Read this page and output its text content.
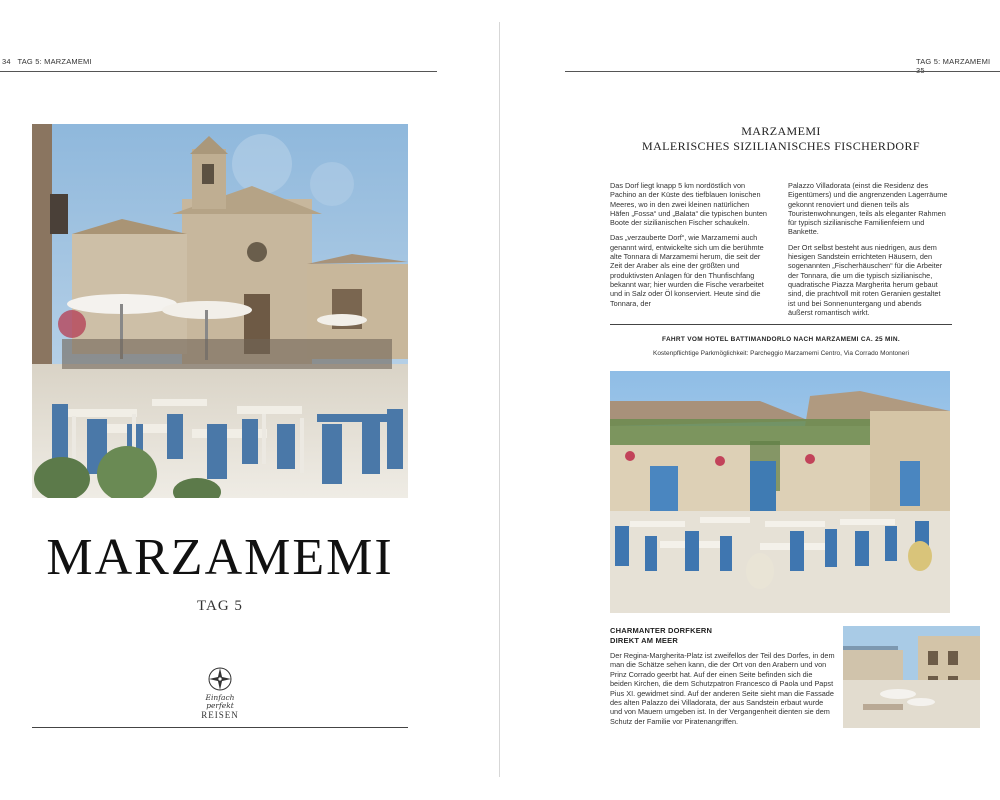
34 TAG 5: MARZAMEMI
MARZAMEMI
TAG 5
Einfach
perfekt
REISEN
TAG 5: MARZAMEMI
MARZAMEMI
MALERISCHES SIZILIANISCHES FISCHERDORF

Das Dorf liegt knapp 5 km nordöstlich von Pachino an der Küste des tiefblauen Ionischen Meeres, wo in den zwei kleinen natürlichen Häfen „Fossa“ und „Balata“ die typischen bunten Boote der sizilianischen Fischer schaukeln.

Das „verzauberte Dorf“, wie Marzamemi auch genannt wird, entwickelte sich um die berühmte alte Tonnara di Marzamemi herum, die seit der Zeit der Araber als eine der größten und produktivsten Anlagen für den Thunfischfang bekannt war; hier wurden die Fische verarbeitet und in Salz oder Öl konserviert. Heute sind die Tonnara, der

Palazzo Villadorata (einst die Residenz des Eigentümers) und die angrenzenden Lagerräume gekonnt renoviert und dienen teils als Touristenwohnungen, teils als eleganter Rahmen für typisch sizilianische Familienfeiern und Bankette.

Der Ort selbst besteht aus niedrigen, aus dem hiesigen Sandstein errichteten Häusern, den sogenannten „Fischerhäuschen“ für die Arbeiter der Tonnara, die um die typisch sizilianische, quadratische Piazza Margherita herum gebaut sind, die prachtvoll mit roten Geranien gestaltet ist und bei Sonnenuntergang und abends äußerst romantisch wirkt.

FAHRT VOM HOTEL BATTIMANDORLO NACH MARZAMEMI CA. 25 MIN.
Kostenpflichtige Parkmöglichkeit: Parcheggio Marzamemi Centro, Via Corrado Montoneri
CHARMANTER DORFKERN
DIREKT AM MEER
Der Regina-Margherita-Platz ist zweifellos der Teil des Dorfes, in dem man die Schätze sehen kann, die der Ort von den Arabern und von Prinz Corrado geerbt hat. Auf der einen Seite befinden sich die beiden Kirchen, die dem Schutzpatron Francesco di Paola und Papst Pius XI. gewidmet sind. Auf der anderen Seite sieht man die Fassade des alten Palazzo dei Villadorata, der aus Sandstein erbaut wurde und von Mauern umgeben ist. In der Vergangenheit dienten sie dem Schutz der Familie vor Piratenangriffen.
